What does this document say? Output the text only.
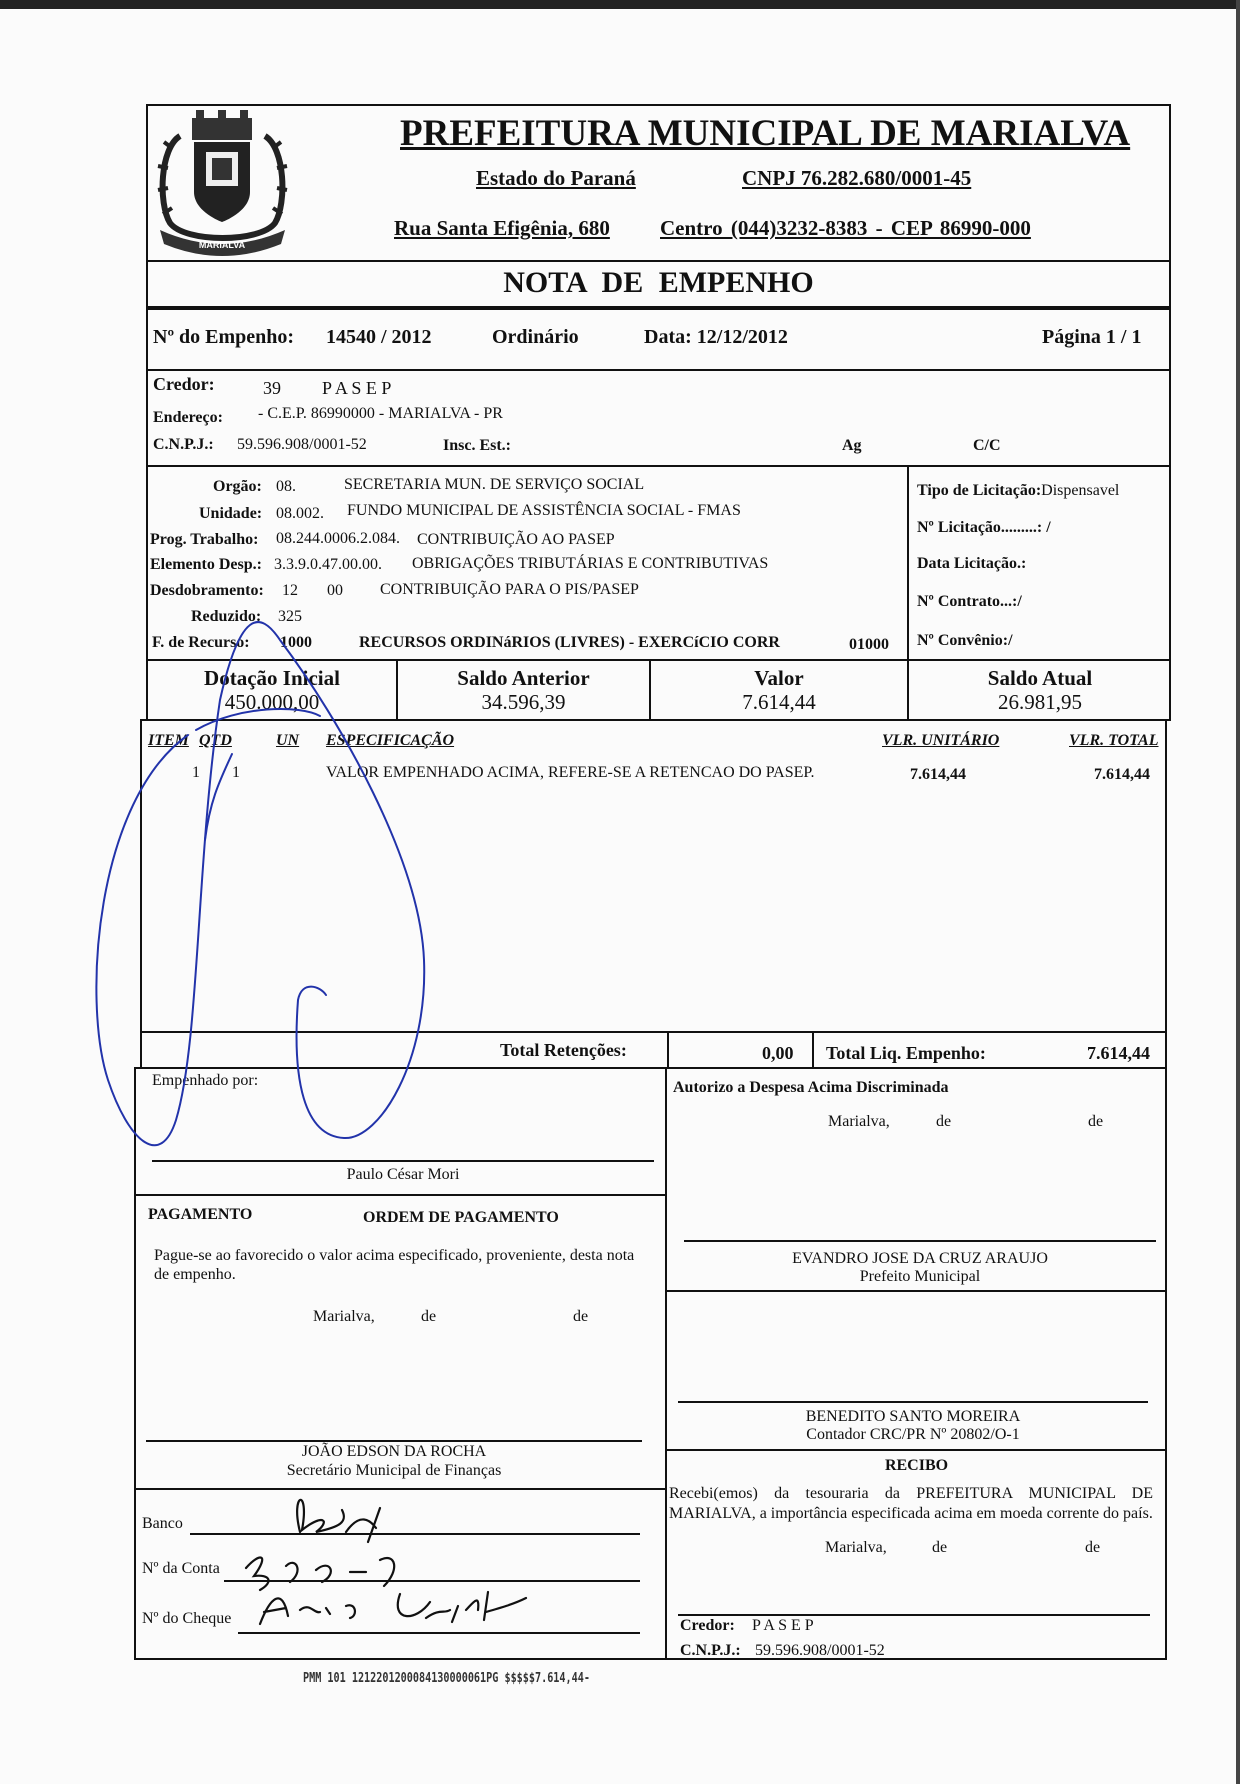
MARIALVA
PREFEITURA MUNICIPAL DE MARIALVA
Estado do Paraná	CNPJ 76.282.680/0001-45
Rua Santa Efigênia, 680 Centro (044)3232-8383 - CEP 86990-000
NOTA DE EMPENHO
Nº do Empenho: 14540 / 2012	Ordinário	Data: 12/12/2012	Página 1 / 1
Credor:	39 P A S E P
Endereço: - C.E.P. 86990000 - MARIALVA - PR
C.N.P.J.: 59.596.908/0001-52	Insc. Est.:	Ag	C/C
Orgão: 08.	SECRETARIA MUN. DE SERVIÇO SOCIAL
Unidade: 08.002. FUNDO MUNICIPAL DE ASSISTÊNCIA SOCIAL - FMAS
Prog. Trabalho: 08.244.0006.2.084. CONTRIBUIÇÃO AO PASEP
Elemento Desp.: 3.3.9.0.47.00.00. OBRIGAÇÕES TRIBUTÁRIAS E CONTRIBUTIVAS
Desdobramento: 12 00 CONTRIBUIÇÃO PARA O PIS/PASEP
Reduzido: 325
F. de Recurso: 1000	RECURSOS ORDINáRIOS (LIVRES) - EXERCíCIO CORR	01000
Tipo de Licitação:Dispensavel
Nº Licitação.........: /
Data Licitação.:
Nº Contrato...:/
Nº Convênio:/
Dotação Inicial
450.000,00
Saldo Anterior
34.596,39
Valor
7.614,44
Saldo Atual
26.981,95
ITEM QTD	UN ESPECIFICAÇÃO	VLR. UNITÁRIO	VLR. TOTAL
1 1	VALOR EMPENHADO ACIMA, REFERE-SE A RETENCAO DO PASEP.	7.614,44	7.614,44
Total Retenções:	0,00 Total Liq. Empenho:	7.614,44
Empenhado por:
Paulo César Mori
PAGAMENTO	ORDEM DE PAGAMENTO
Pague-se ao favorecido o valor acima especificado, proveniente, desta nota de empenho.
Marialva,	de	de
JOÃO EDSON DA ROCHA
Secretário Municipal de Finanças
Banco
Nº da Conta
Nº do Cheque
Autorizo a Despesa Acima Discriminada
Marialva,	de	de
EVANDRO JOSE DA CRUZ ARAUJO
Prefeito Municipal
BENEDITO SANTO MOREIRA
Contador CRC/PR Nº 20802/O-1
RECIBO
Recebi(emos) da tesouraria da PREFEITURA MUNICIPAL DE MARIALVA, a importância especificada acima em moeda corrente do país.
Marialva,	de	de
Credor: P A S E P
C.N.P.J.: 59.596.908/0001-52
PMM 101 1212201200084130000061PG $$$$$7.614,44-
